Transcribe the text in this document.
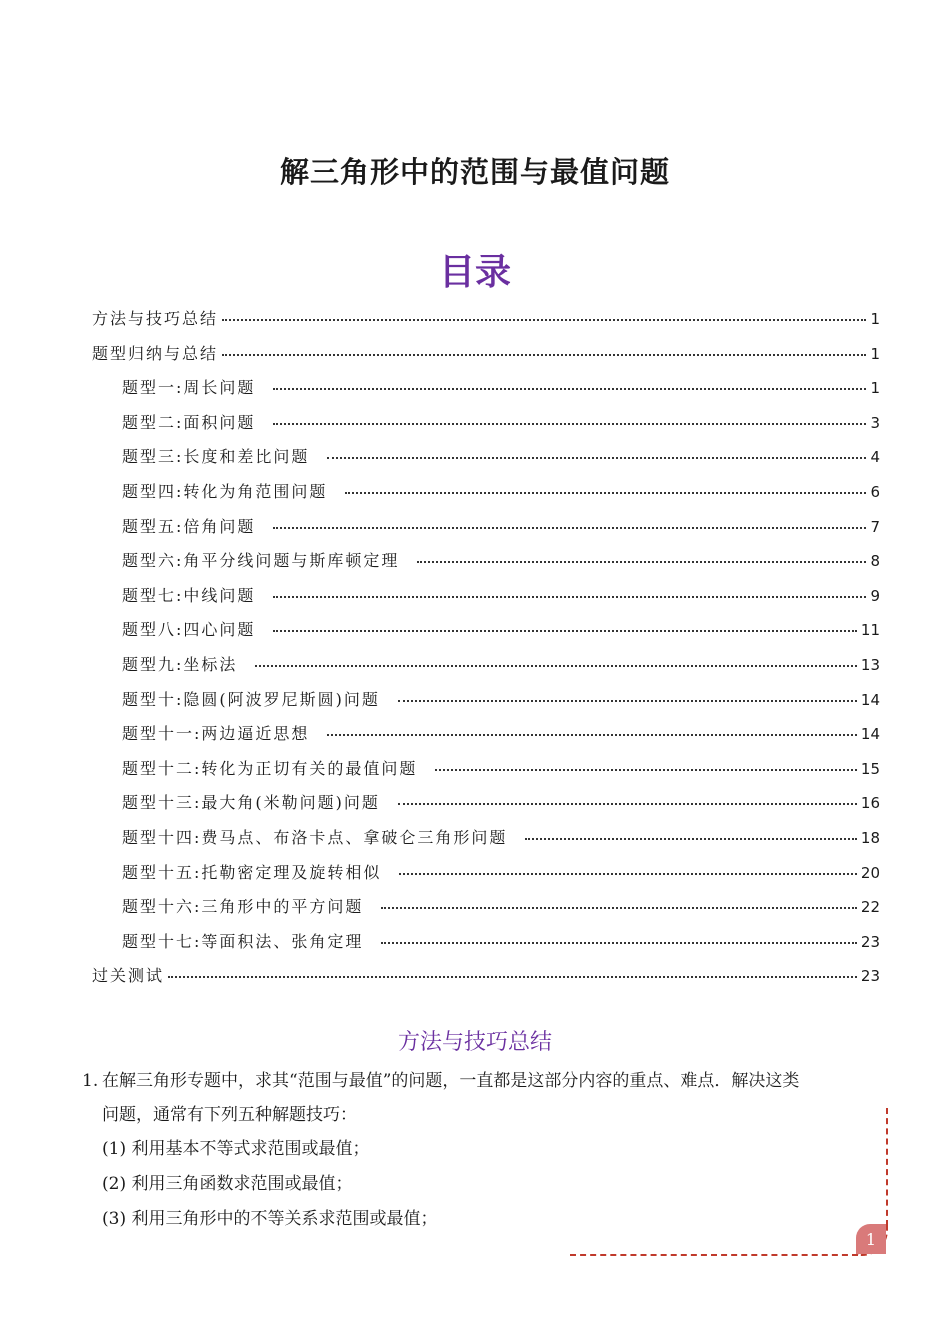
解三角形中的范围与最值问题
目录
方法与技巧总结	1
题型归纳与总结	1
题型一:周长问题	1
题型二:面积问题	3
题型三:长度和差比问题	4
题型四:转化为角范围问题	6
题型五:倍角问题	7
题型六:角平分线问题与斯库顿定理	8
题型七:中线问题	9
题型八:四心问题	11
题型九:坐标法	13
题型十:隐圆(阿波罗尼斯圆)问题	14
题型十一:两边逼近思想	14
题型十二:转化为正切有关的最值问题	15
题型十三:最大角(米勒问题)问题	16
题型十四:费马点、布洛卡点、拿破仑三角形问题	18
题型十五:托勒密定理及旋转相似	20
题型十六:三角形中的平方问题	22
题型十七:等面积法、张角定理	23
过关测试	23
方法与技巧总结
1. 在解三角形专题中，求其“范围与最值”的问题，一直都是这部分内容的重点、难点．解决这类
问题，通常有下列五种解题技巧：
(1) 利用基本不等式求范围或最值；
(2) 利用三角函数求范围或最值；
(3) 利用三角形中的不等关系求范围或最值；
1
